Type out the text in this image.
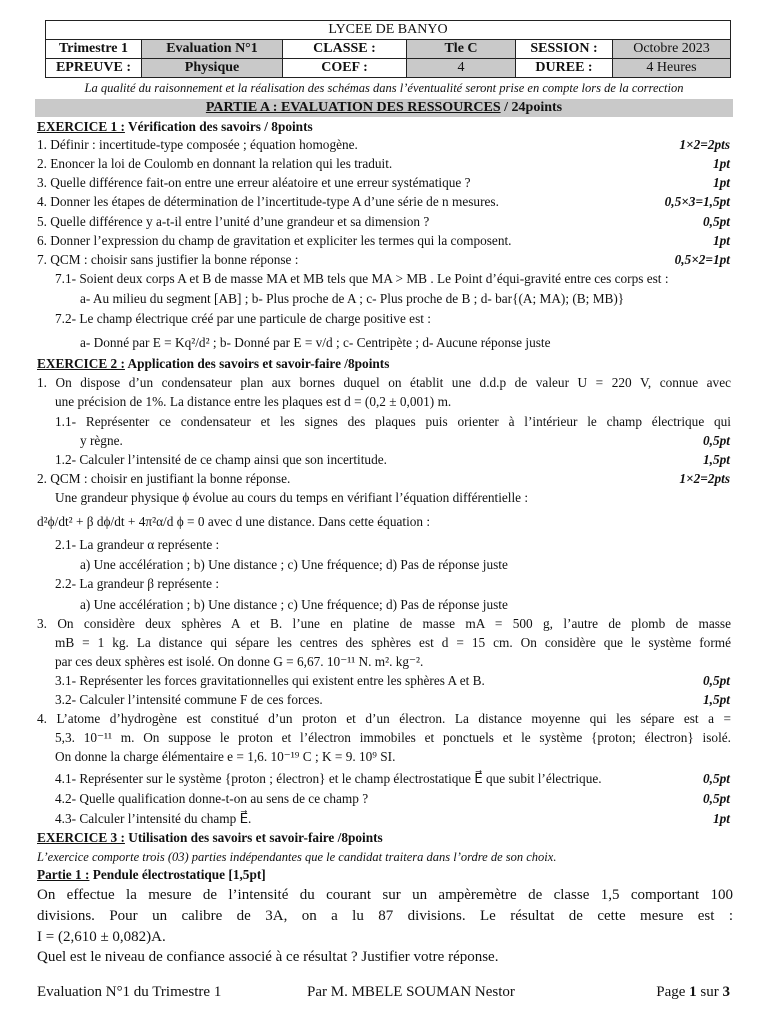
LYCEE DE BANYO					
Trimestre 1	Evaluation N°1	CLASSE :	Tle C	SESSION :	Octobre 2023
EPREUVE :	Physique	COEF :	4	DUREE :	4 Heures
La qualité du raisonnement et la réalisation des schémas dans l’éventualité seront prise en compte lors de la correction
PARTIE A : EVALUATION DES RESSOURCES / 24points
EXERCICE 1 : Vérification des savoirs / 8points
1. Définir : incertitude-type composée ; équation homogène.	1×2=2pts
2. Enoncer la loi de Coulomb en donnant la relation qui les traduit.	1pt
3. Quelle différence fait-on entre une erreur aléatoire et une erreur systématique ?	1pt
4. Donner les étapes de détermination de l’incertitude-type A d’une série de n mesures.	0,5×3=1,5pt
5. Quelle différence y a-t-il entre l’unité d’une grandeur et sa dimension ?	0,5pt
6. Donner l’expression du champ de gravitation et expliciter les termes qui la composent.	1pt
7. QCM : choisir sans justifier la bonne réponse :	0,5×2=1pt
7.1- Soient deux corps A et B de masse MA et MB tels que MA > MB . Le Point d’équi-gravité entre ces corps est :
a- Au milieu du segment [AB] ; b- Plus proche de A ; c- Plus proche de B ; d- bar{(A; MA); (B; MB)}
7.2- Le champ électrique créé par une particule de charge positive est :
a- Donné par E = Kq²/d² ; b- Donné par E = v/d ; c- Centripète ; d- Aucune réponse juste
EXERCICE 2 : Application des savoirs et savoir-faire /8points
1. On dispose d’un condensateur plan aux bornes duquel on établit une d.d.p de valeur U = 220 V, connue avec
une précision de 1%. La distance entre les plaques est d = (0,2 ± 0,001) m.
1.1- Représenter ce condensateur et les signes des plaques puis orienter à l’intérieur le champ électrique qui
y règne.	0,5pt
1.2- Calculer l’intensité de ce champ ainsi que son incertitude.	1,5pt
2. QCM : choisir en justifiant la bonne réponse.	1×2=2pts
Une grandeur physique ϕ évolue au cours du temps en vérifiant l’équation différentielle :
d²ϕ/dt² + β dϕ/dt + 4π²α/d ϕ = 0 avec d une distance. Dans cette équation :
2.1- La grandeur α représente :
a) Une accélération ; b) Une distance ; c) Une fréquence; d) Pas de réponse juste
2.2- La grandeur β représente :
a) Une accélération ; b) Une distance ; c) Une fréquence; d) Pas de réponse juste
3. On considère deux sphères A et B. l’une en platine de masse mA = 500 g, l’autre de plomb de masse
mB = 1 kg. La distance qui sépare les centres des sphères est d = 15 cm. On considère que le système formé
par ces deux sphères est isolé. On donne G = 6,67. 10⁻¹¹ N. m². kg⁻².
3.1- Représenter les forces gravitationnelles qui existent entre les sphères A et B.	0,5pt
3.2- Calculer l’intensité commune F de ces forces.	1,5pt
4. L’atome d’hydrogène est constitué d’un proton et d’un électron. La distance moyenne qui les sépare est a =
5,3. 10⁻¹¹ m. On suppose le proton et l’électron immobiles et ponctuels et le système {proton; électron} isolé.
On donne la charge élémentaire e = 1,6. 10⁻¹⁹ C ; K = 9. 10⁹ SI.
4.1- Représenter sur le système {proton ; électron} et le champ électrostatique E⃗ que subit l’électrique.	0,5pt
4.2- Quelle qualification donne-t-on au sens de ce champ ?	0,5pt
4.3- Calculer l’intensité du champ E⃗.	1pt
EXERCICE 3 : Utilisation des savoirs et savoir-faire /8points
L’exercice comporte trois (03) parties indépendantes que le candidat traitera dans l’ordre de son choix.
Partie 1 : Pendule électrostatique [1,5pt]
On effectue la mesure de l’intensité du courant sur un ampèremètre de classe 1,5 comportant 100
divisions. Pour un calibre de 3A, on a lu 87 divisions. Le résultat de cette mesure est :
I = (2,610 ± 0,082)A.
Quel est le niveau de confiance associé à ce résultat ? Justifier votre réponse.
Evaluation N°1 du Trimestre 1	Par M. MBELE SOUMAN Nestor	Page 1 sur 3
